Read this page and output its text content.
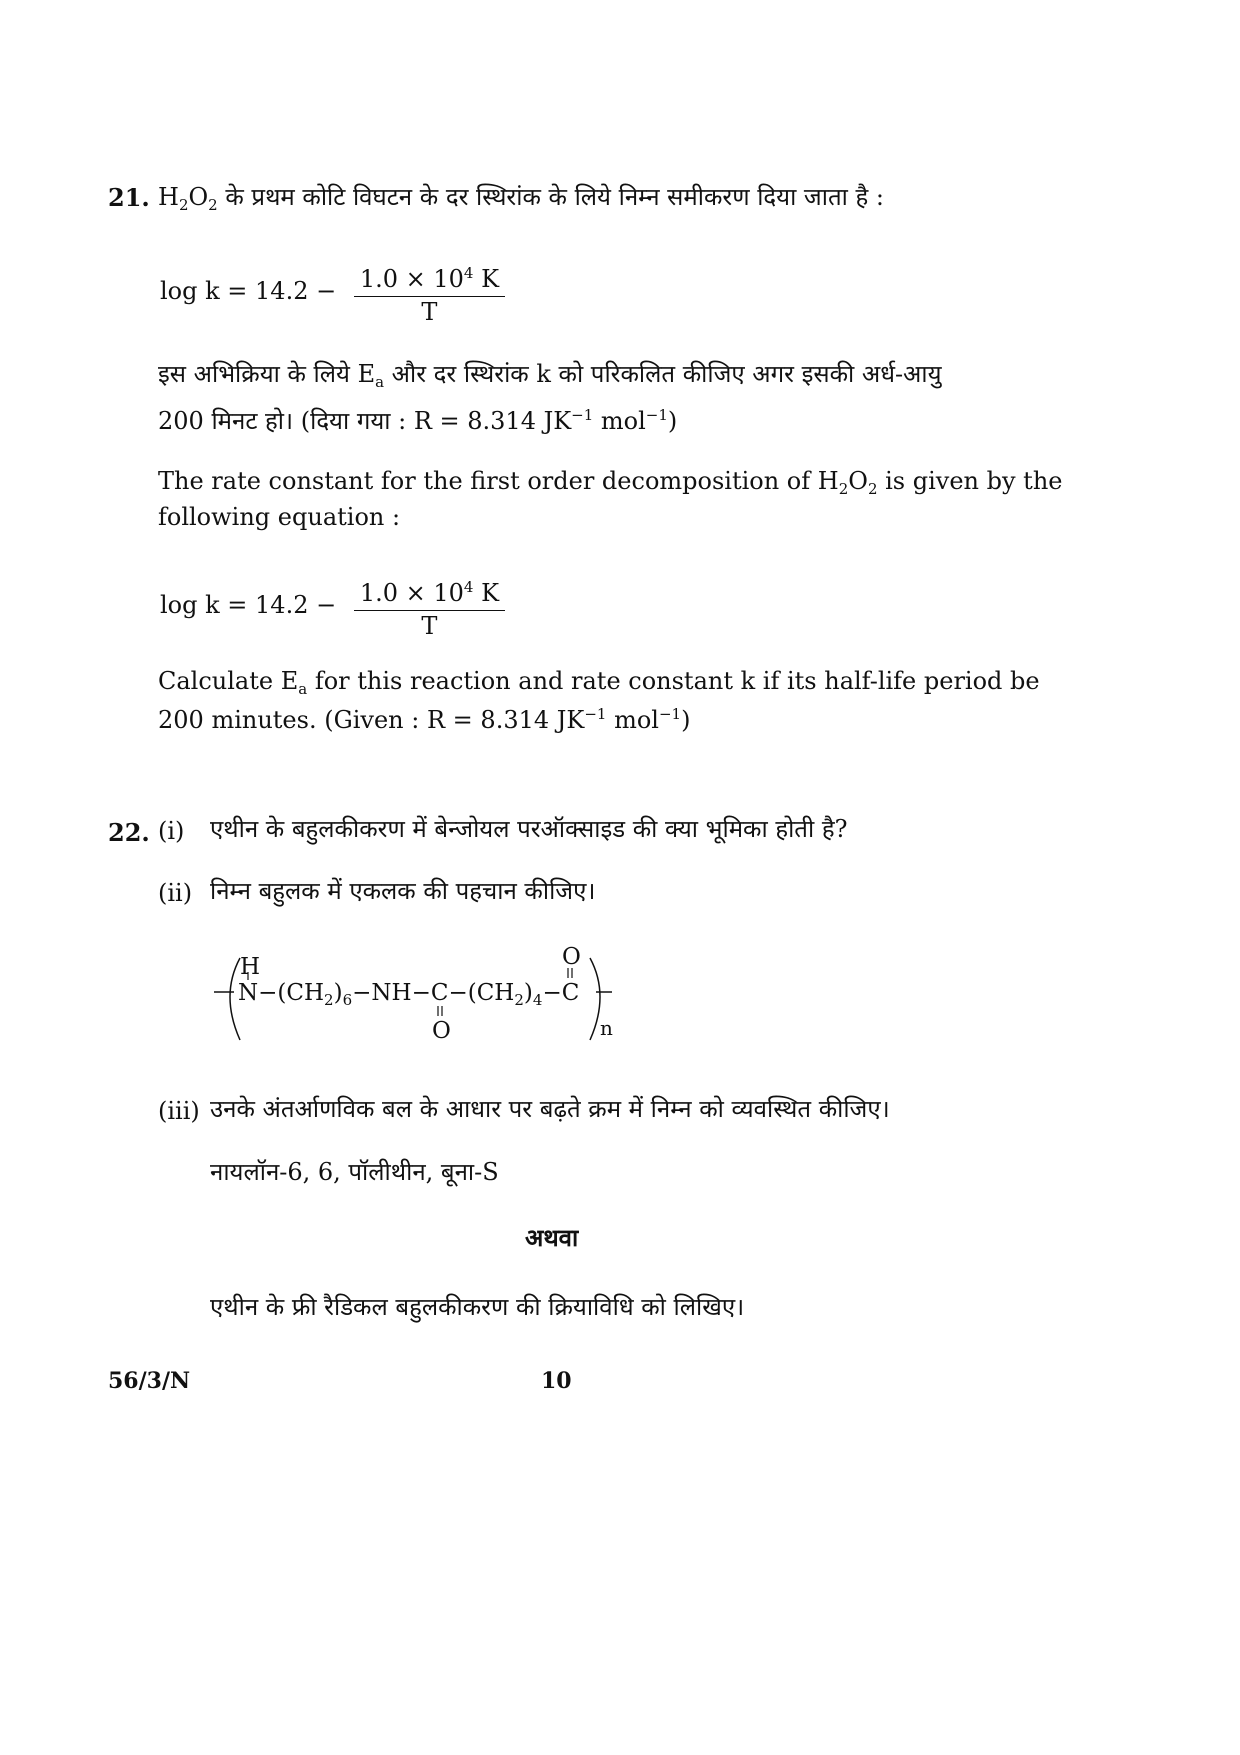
21. $H_2O_2$ के प्रथम कोटि विघटन के दर स्थिरांक के लिये निम्न समीकरण दिया जाता है :
$\log k = 14.2 - \frac{1.0 \times 10^4 K}{T}$
इस अभिक्रिया के लिये $E_a$ और दर स्थिरांक k को परिकलित कीजिए अगर इसकी अर्ध-आयु
200 मिनट हो। (दिया गया : R = 8.314 $JK^{-1}$ mol$^{-1}$)
The rate constant for the first order decomposition of $H_2O_2$ is given by the
following equation :
$\log k = 14.2 - \frac{1.0 \times 10^4 K}{T}$
Calculate $E_a$ for this reaction and rate constant k if its half-life period be
200 minutes. (Given : R = 8.314 $JK^{-1}$ mol$^{-1}$)
22. (i) एथीन के बहुलकीकरण में बेन्जोयल परऑक्साइड की क्या भूमिका होती है?
(ii) निम्न बहुलक में एकलक की पहचान कीजिए।
H
$N-(CH_2)_6-NH-C-(CH_2)_4-C$
O
O
n
(iii) उनके अंतर्आणविक बल के आधार पर बढ़ते क्रम में निम्न को व्यवस्थित कीजिए।
नायलॉन-6, 6, पॉलीथीन, बूना-S
अथवा
एथीन के फ्री रैडिकल बहुलकीकरण की क्रियाविधि को लिखिए।
56/3/N	10
